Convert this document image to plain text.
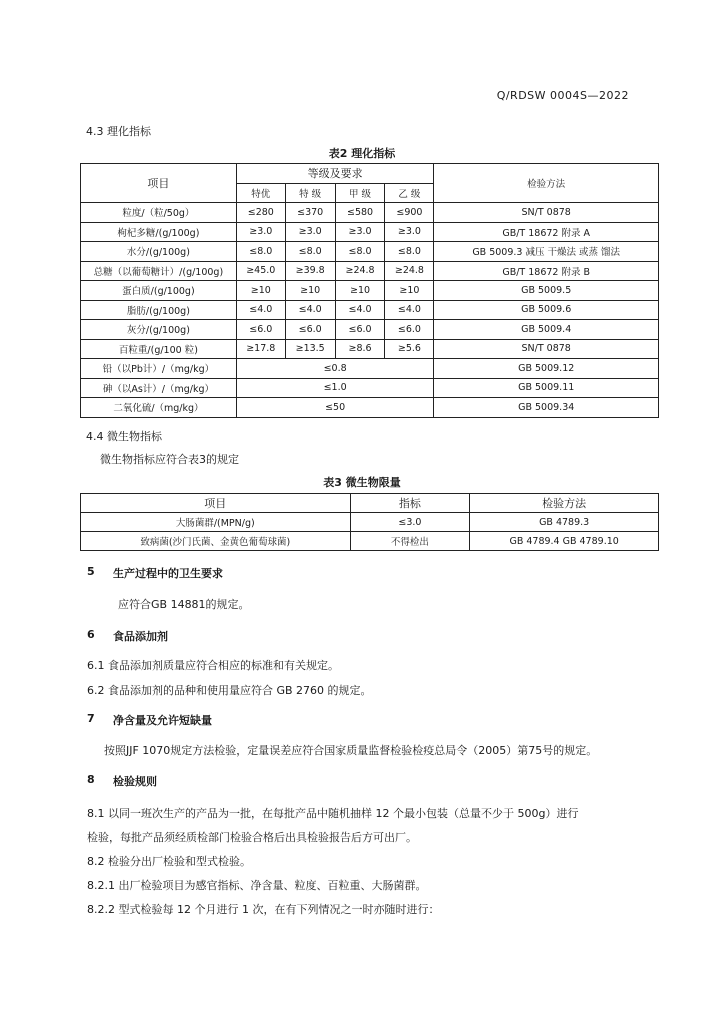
Q/RDSW 0004S—2022
4.3 理化指标
表2 理化指标
项目	等级及要求				检验方法
	特优	特 级	甲 级	乙 级	
粒度/（粒/50g）	≤280	≤370	≤580	≤900	SN/T 0878
枸杞多糖/(g/100g)	≥3.0	≥3.0	≥3.0	≥3.0	GB/T 18672 附录 A
水分/(g/100g)	≤8.0	≤8.0	≤8.0	≤8.0	GB 5009.3 减压 干燥法 或蒸 馏法
总糖（以葡萄糖计）/(g/100g)	≥45.0	≥39.8	≥24.8	≥24.8	GB/T 18672 附录 B
蛋白质/(g/100g)	≥10	≥10	≥10	≥10	GB 5009.5
脂肪/(g/100g)	≤4.0	≤4.0	≤4.0	≤4.0	GB 5009.6
灰分/(g/100g)	≤6.0	≤6.0	≤6.0	≤6.0	GB 5009.4
百粒重/(g/100 粒)	≥17.8	≥13.5	≥8.6	≥5.6	SN/T 0878
铅（以Pb计）/（mg/kg）	≤0.8				GB 5009.12
砷（以As计）/（mg/kg）	≤1.0				GB 5009.11
二氧化硫/（mg/kg）	≤50				GB 5009.34
4.4 微生物指标
微生物指标应符合表3的规定
表3 微生物限量
项目	指标	检验方法
大肠菌群/(MPN/g)	≤3.0	GB 4789.3
致病菌(沙门氏菌、金黄色葡萄球菌)	不得检出	GB 4789.4 GB 4789.10
5 生产过程中的卫生要求
应符合GB 14881的规定。
6 食品添加剂
6.1 食品添加剂质量应符合相应的标准和有关规定。
6.2 食品添加剂的品种和使用量应符合 GB 2760 的规定。
7 净含量及允许短缺量
按照JJF 1070规定方法检验，定量误差应符合国家质量监督检验检疫总局令（2005）第75号的规定。
8 检验规则
8.1 以同一班次生产的产品为一批，在每批产品中随机抽样 12 个最小包装（总量不少于 500g）进行
检验，每批产品须经质检部门检验合格后出具检验报告后方可出厂。
8.2 检验分出厂检验和型式检验。
8.2.1 出厂检验项目为感官指标、净含量、粒度、百粒重、大肠菌群。
8.2.2 型式检验每 12 个月进行 1 次，在有下列情况之一时亦随时进行：
